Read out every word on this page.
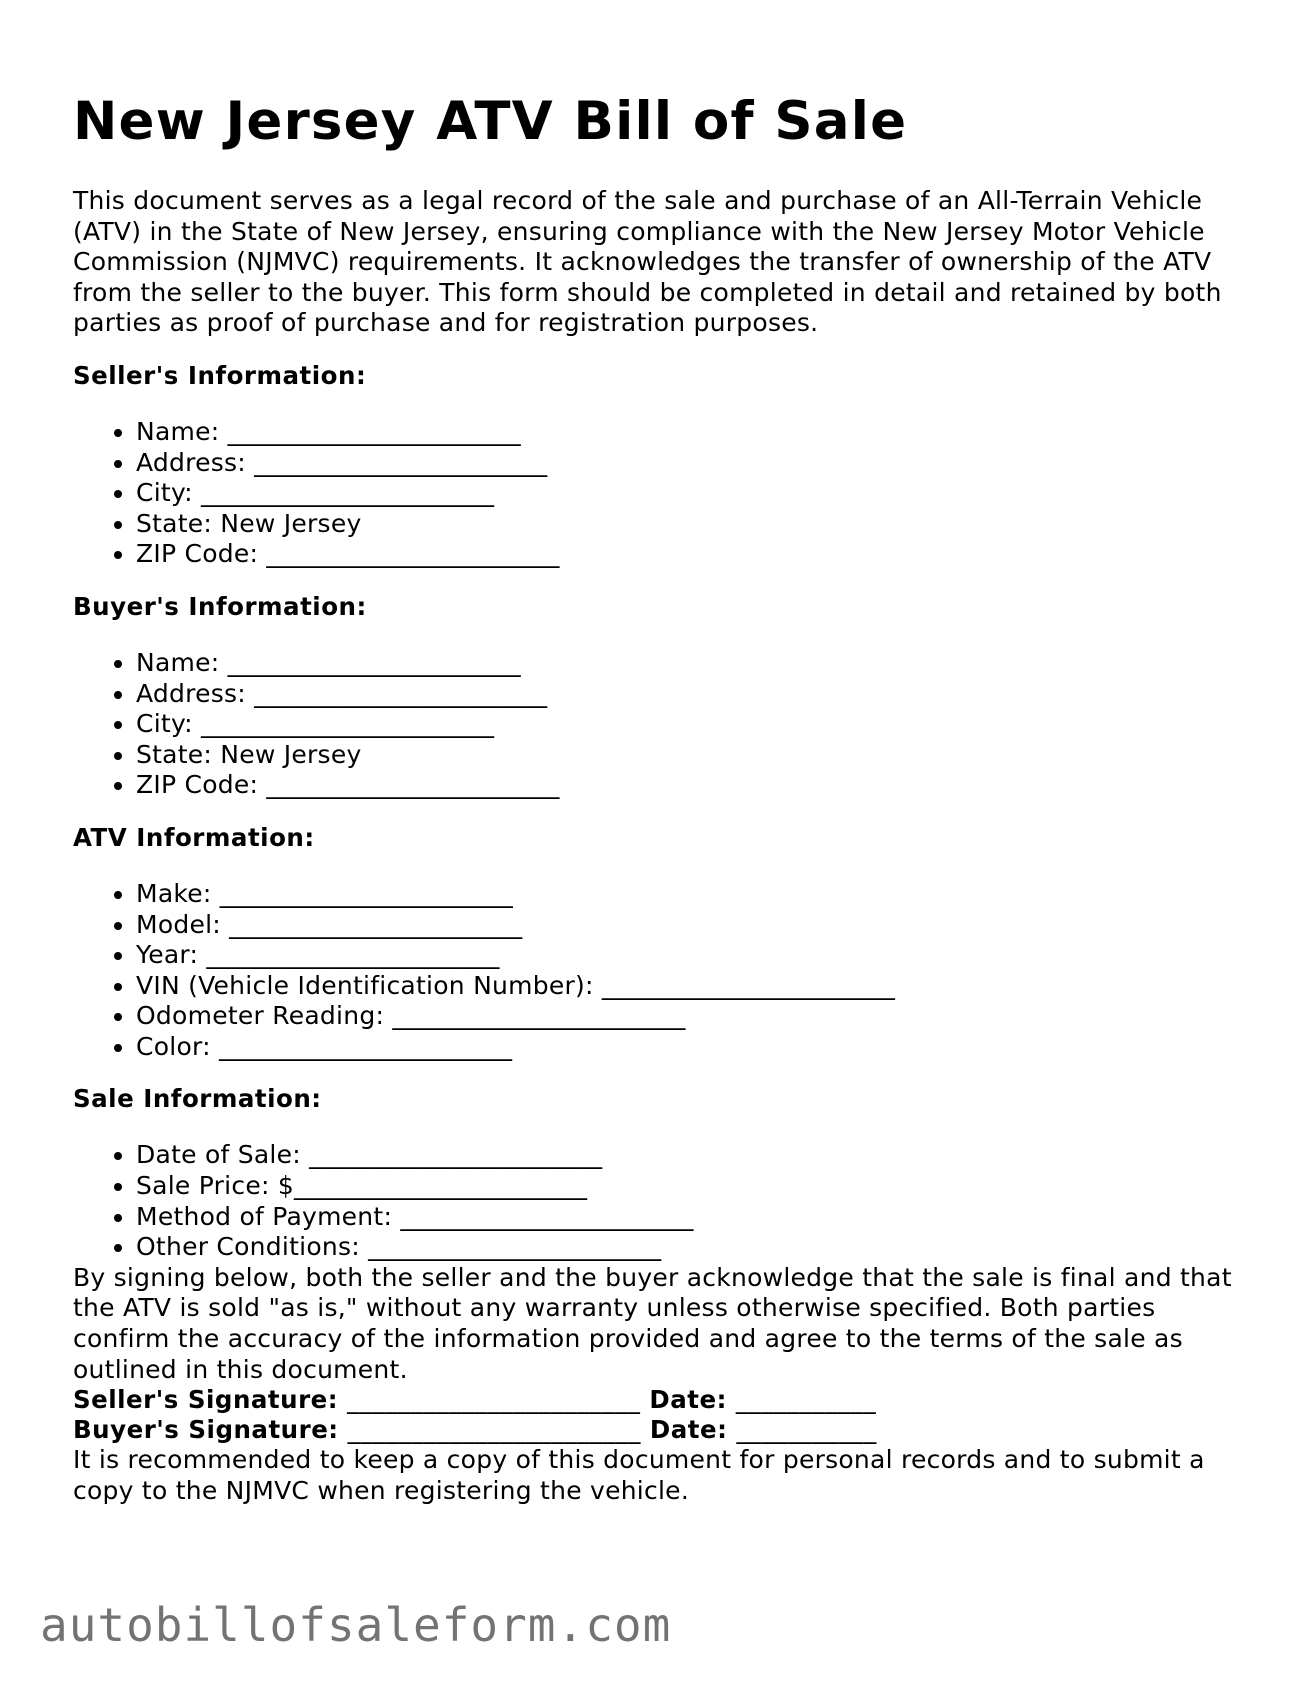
New Jersey ATV Bill of Sale

This document serves as a legal record of the sale and purchase of an All-Terrain Vehicle (ATV) in the State of New Jersey, ensuring compliance with the New Jersey Motor Vehicle Commission (NJMVC) requirements. It acknowledges the transfer of ownership of the ATV from the seller to the buyer. This form should be completed in detail and retained by both parties as proof of purchase and for registration purposes.

Seller's Information:
• Name: _______________________
• Address: _______________________
• City: _______________________
• State: New Jersey
• ZIP Code: _______________________
Buyer's Information:
• Name: _______________________
• Address: _______________________
• City: _______________________
• State: New Jersey
• ZIP Code: _______________________
ATV Information:
• Make: _______________________
• Model: _______________________
• Year: _______________________
• VIN (Vehicle Identification Number): _______________________
• Odometer Reading: _______________________
• Color: _______________________
Sale Information:
• Date of Sale: _______________________
• Sale Price: $_______________________
• Method of Payment: _______________________
• Other Conditions: _______________________

By signing below, both the seller and the buyer acknowledge that the sale is final and that the ATV is sold "as is," without any warranty unless otherwise specified. Both parties confirm the accuracy of the information provided and agree to the terms of the sale as outlined in this document.

Seller's Signature: _______________________ Date: ___________

Buyer's Signature: _______________________ Date: ___________

It is recommended to keep a copy of this document for personal records and to submit a copy to the NJMVC when registering the vehicle.

autobillofsaleform.com
